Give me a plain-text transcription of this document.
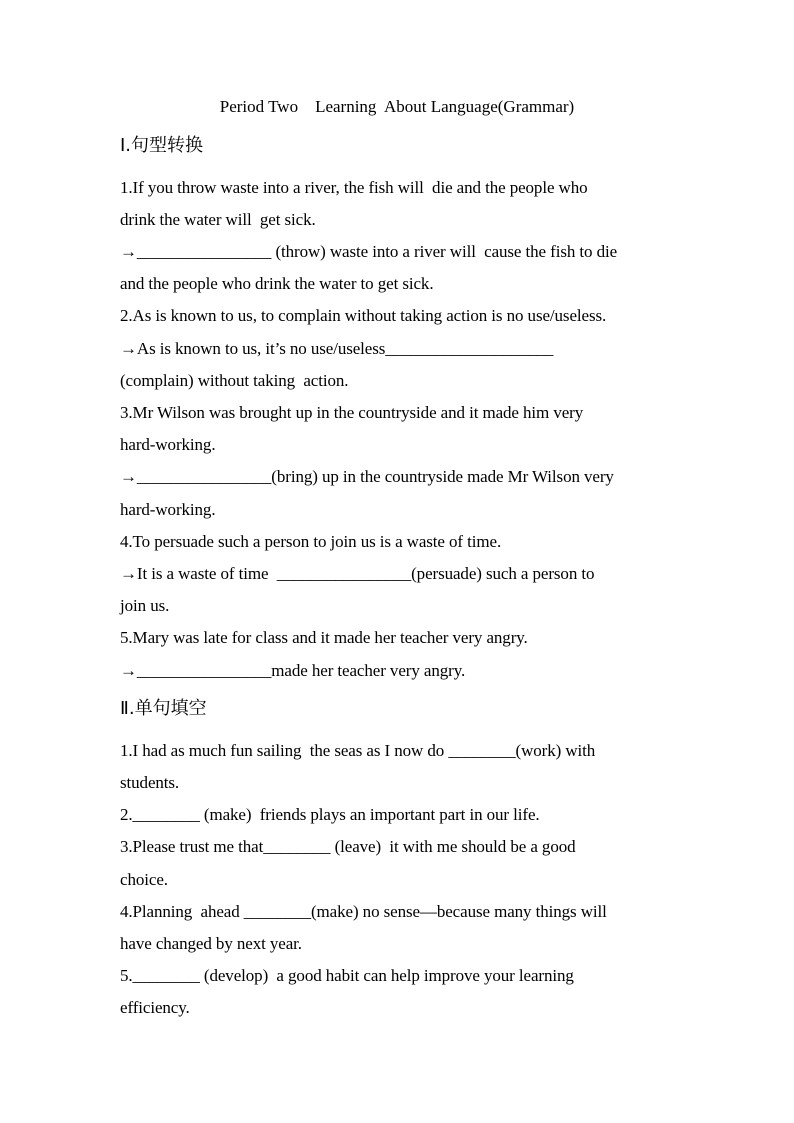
Period Two    Learning  About Language(Grammar)
Ⅰ.句型转换
1.If you throw waste into a river, the fish will  die and the people who
drink the water will  get sick.
→________________ (throw) waste into a river will  cause the fish to die
and the people who drink the water to get sick.
2.As is known to us, to complain without taking action is no use/useless.
→As is known to us, it’s no use/useless____________________
(complain) without taking  action.
3.Mr Wilson was brought up in the countryside and it made him very
hard-working.
→________________(bring) up in the countryside made Mr Wilson very
hard-working.
4.To persuade such a person to join us is a waste of time.
→It is a waste of time  ________________(persuade) such a person to
join us.
5.Mary was late for class and it made her teacher very angry.
→________________made her teacher very angry.
Ⅱ.单句填空
1.I had as much fun sailing  the seas as I now do ________(work) with
students.
2.________ (make)  friends plays an important part in our life.
3.Please trust me that________ (leave)  it with me should be a good
choice.
4.Planning  ahead ________(make) no sense—because many things will
have changed by next year.
5.________ (develop)  a good habit can help improve your learning
efficiency.
